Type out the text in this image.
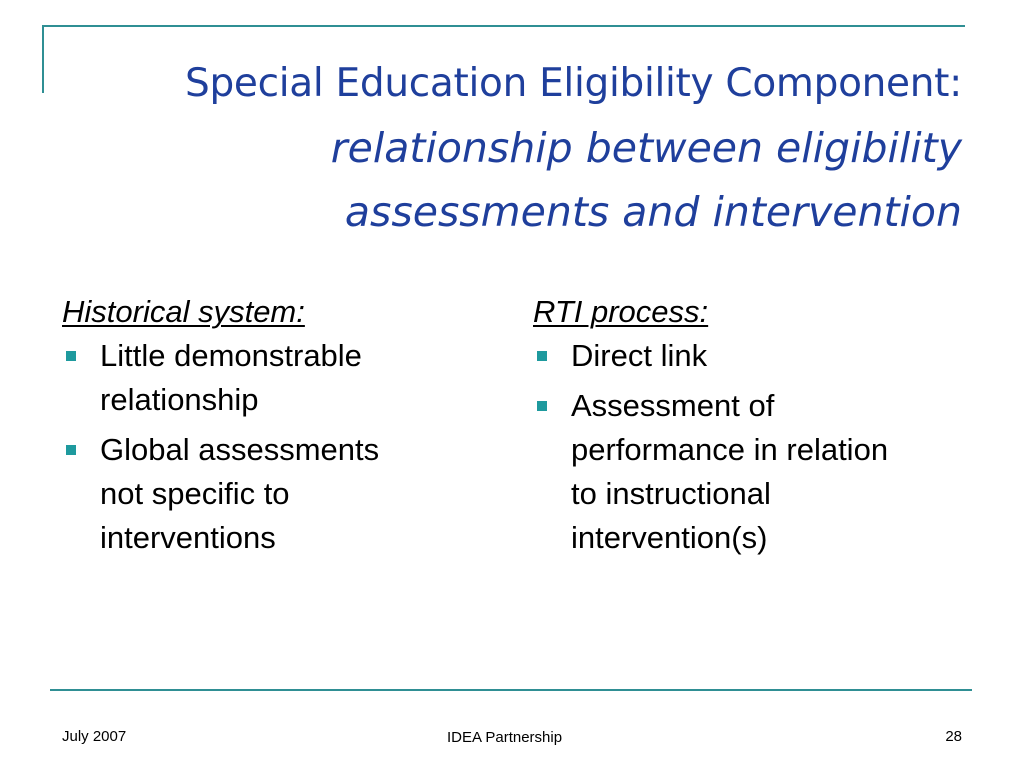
Special Education Eligibility Component:
relationship between eligibility
assessments and intervention
Historical system:
Little demonstrable
relationship
Global assessments
not specific to
interventions
RTI process:
Direct link
Assessment of
performance in relation
to instructional
intervention(s)
July 2007	IDEA Partnership	28
